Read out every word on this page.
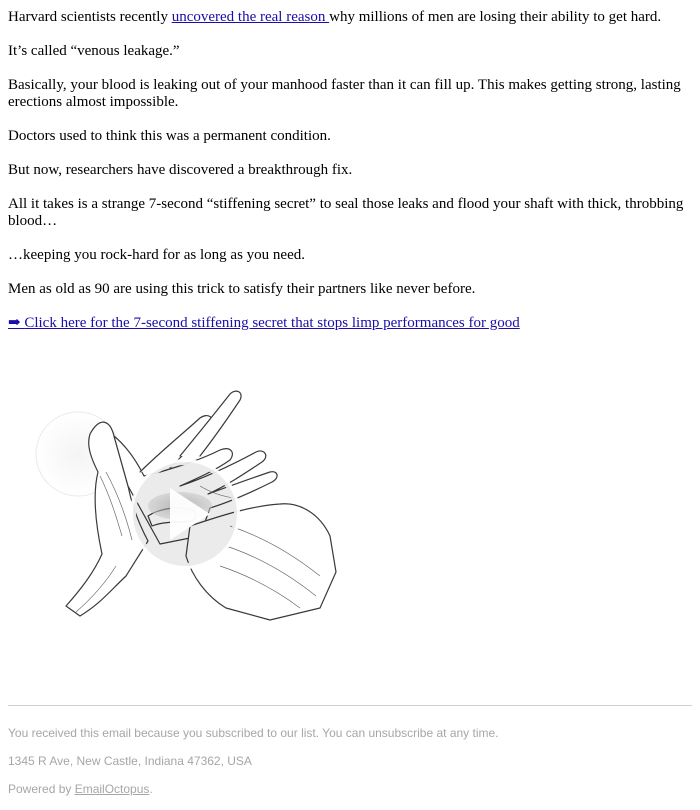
Harvard scientists recently uncovered the real reason why millions of men are losing their ability to get hard.

It’s called “venous leakage.”

Basically, your blood is leaking out of your manhood faster than it can fill up. This makes getting strong, lasting erections almost impossible.

Doctors used to think this was a permanent condition.

But now, researchers have discovered a breakthrough fix.

All it takes is a strange 7-second “stiffening secret” to seal those leaks and flood your shaft with thick, throbbing blood…

…keeping you rock-hard for as long as you need.

Men as old as 90 are using this trick to satisfy their partners like never before.

➡ Click here for the 7-second stiffening secret that stops limp performances for good

You received this email because you subscribed to our list. You can unsubscribe at any time.
1345 R Ave, New Castle, Indiana 47362, USA
Powered by EmailOctopus.
